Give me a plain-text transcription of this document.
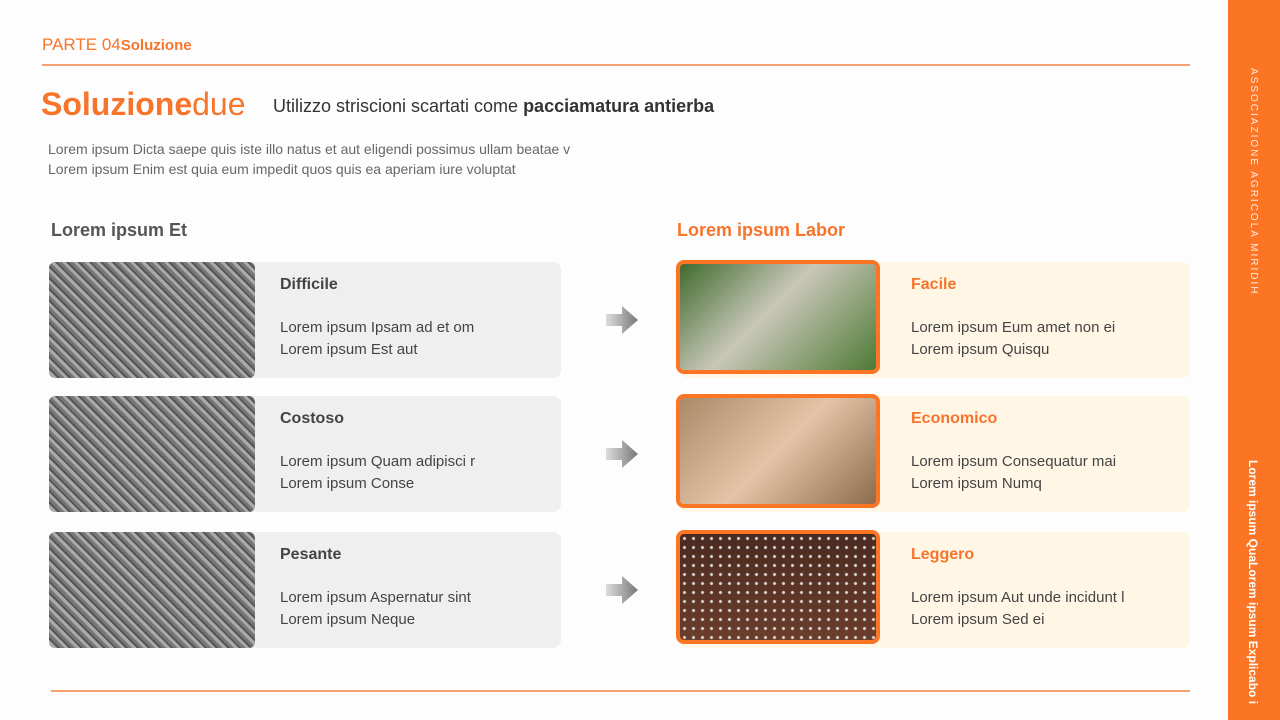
ASSOCIAZIONE AGRICOLA MIRIDIH
Lorem ipsum QuaLorem ipsum Explicabo i
PARTE 04Soluzione
Soluzionedue Utilizzo striscioni scartati come pacciamatura antierba
Lorem ipsum Dicta saepe quis iste illo natus et aut eligendi possimus ullam beatae v
Lorem ipsum Enim est quia eum impedit quos quis ea aperiam iure voluptat
Lorem ipsum Et	Lorem ipsum Labor
Difficile
Lorem ipsum Ipsam ad et om
Lorem ipsum Est aut
Costoso
Lorem ipsum Quam adipisci r
Lorem ipsum Conse
Pesante
Lorem ipsum Aspernatur sint
Lorem ipsum Neque
Facile
Lorem ipsum Eum amet non ei
Lorem ipsum Quisqu
Economico
Lorem ipsum Consequatur mai
Lorem ipsum Numq
Leggero
Lorem ipsum Aut unde incidunt l
Lorem ipsum Sed ei
